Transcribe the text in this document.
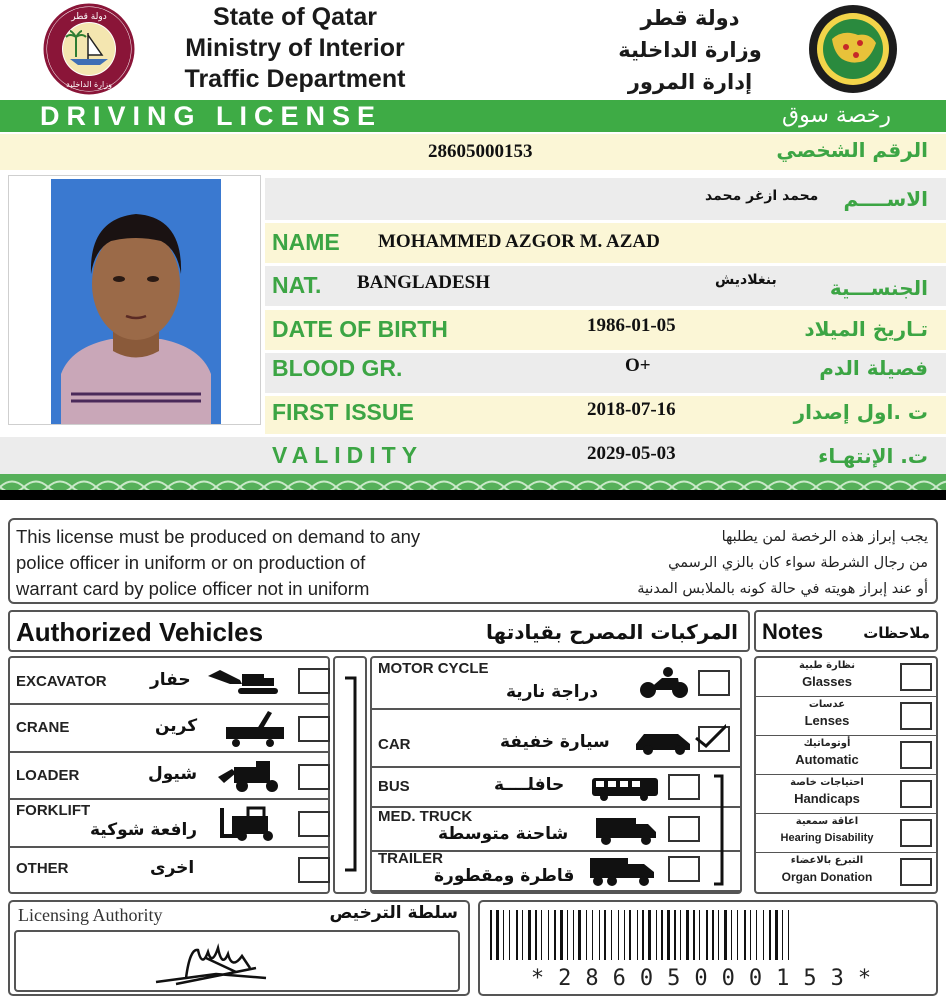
دولة قطر
وزارة الداخلية
State of Qatar
Ministry of Interior
Traffic Department
دولة قطر
وزارة الداخلية
إدارة المرور
DRIVING LICENSE	رخصة سوق
28605000153	الرقم الشخصي
محمد ازغر محمد الاســــم
NAME MOHAMMED AZGOR M. AZAD
NAT. BANGLADESH	بنغلاديش	الجنســـية
DATE OF BIRTH	1986-01-05	تـاريخ الميلاد
BLOOD GR.	O+	فصيلة الدم
FIRST ISSUE	2018-07-16	ت .اول إصدار
VALIDITY	2029-05-03	ت. الإنتهـاء
This license must be produced on demand to any
police officer in uniform or on production of
warrant card by police officer not in uniform
يجب إبراز هذه الرخصة لمن يطلبها
من رجال الشرطة سواء كان بالزي الرسمي
أو عند إبراز هويته في حالة كونه بالملابس المدنية
Authorized Vehicles	المركبات المصرح بقيادتها Notes	ملاحظات
EXCAVATOR	حفار
CRANE	كرين
LOADER	شيول
FORKLIFT
رافعة شوكية
OTHER	اخرى
MOTOR CYCLE
دراجة نارية
CAR	سيارة خفيفة
BUS	حافلــــة
MED. TRUCK
شاحنة متوسطة
TRAILER
قاطرة ومقطورة
نظارة طبية
Glasses
عدسات
Lenses
أوتوماتيك
Automatic
احتياجات خاصة
Handicaps
اعاقة سمعية
Hearing Disability
التبرع بالاعضاء
Organ Donation
Licensing Authority	سلطة الترخيص
*28605000153*
